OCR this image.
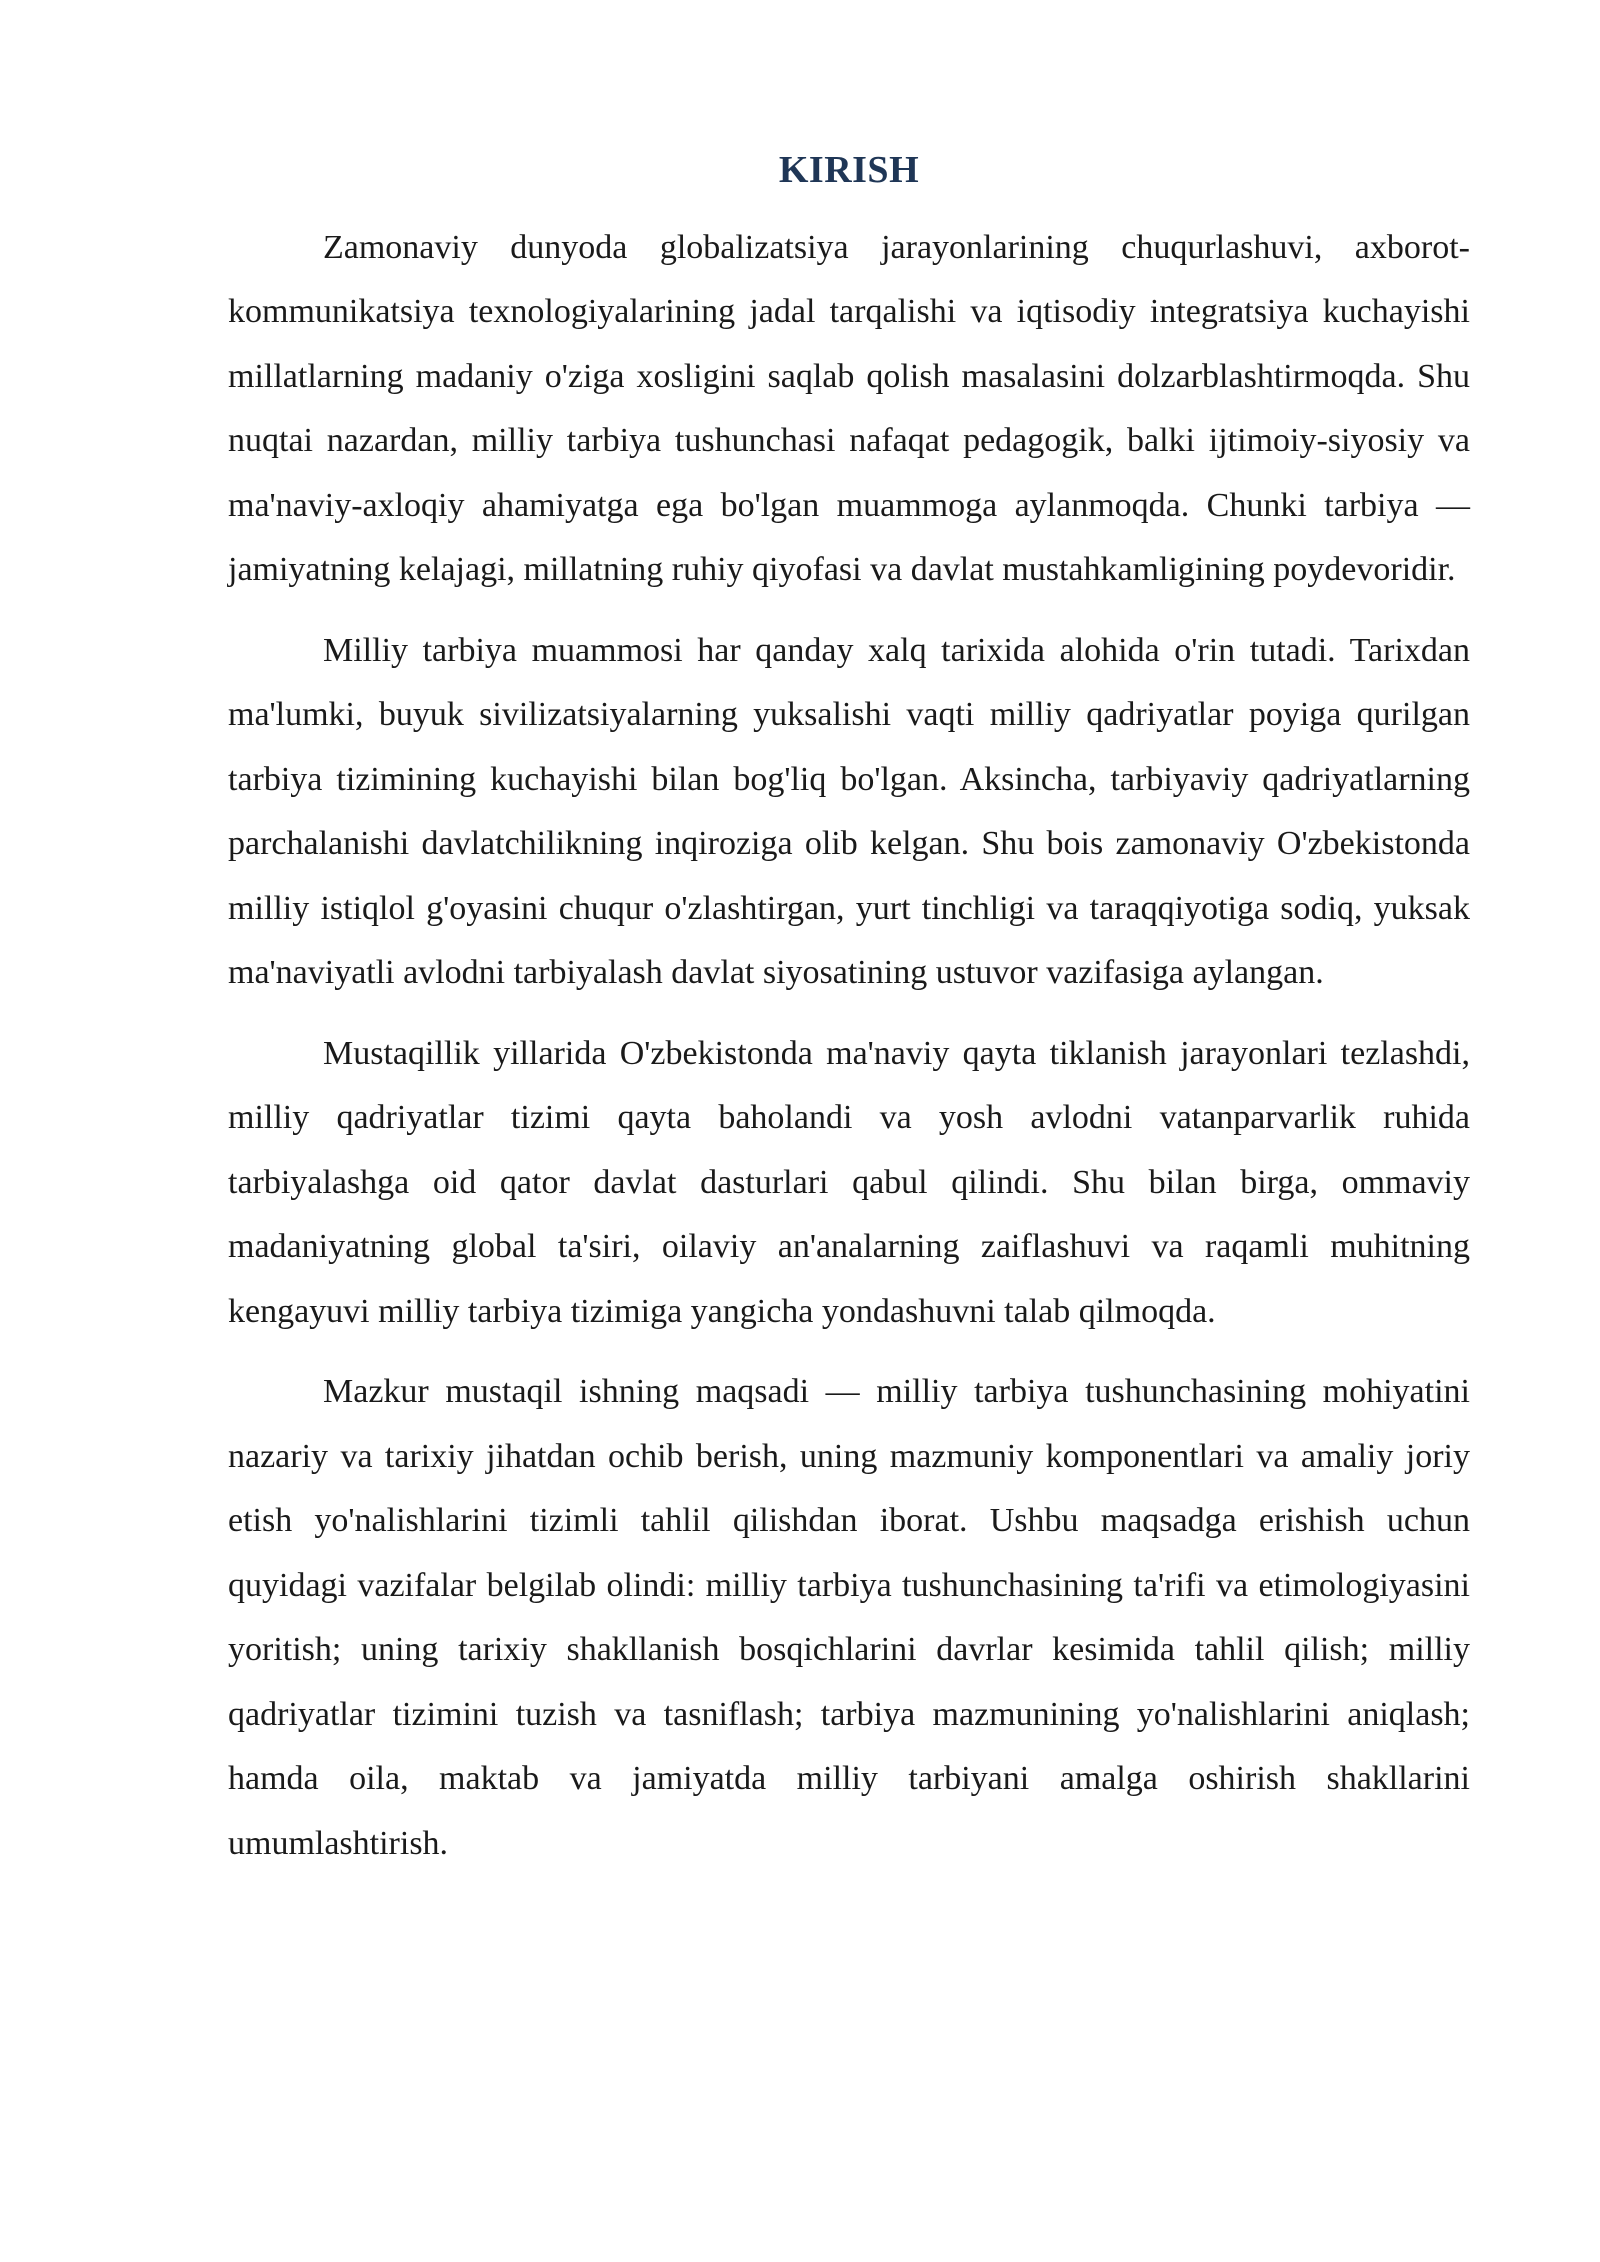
KIRISH

Zamonaviy dunyoda globalizatsiya jarayonlarining chuqurlashuvi, axborot-kommunikatsiya texnologiyalarining jadal tarqalishi va iqtisodiy integratsiya kuchayishi millatlarning madaniy o'ziga xosligini saqlab qolish masalasini dolzarblashtirmoqda. Shu nuqtai nazardan, milliy tarbiya tushunchasi nafaqat pedagogik, balki ijtimoiy-siyosiy va ma'naviy-axloqiy ahamiyatga ega bo'lgan muammoga aylanmoqda. Chunki tarbiya — jamiyatning kelajagi, millatning ruhiy qiyofasi va davlat mustahkamligining poydevoridir.

Milliy tarbiya muammosi har qanday xalq tarixida alohida o'rin tutadi. Tarixdan ma'lumki, buyuk sivilizatsiyalarning yuksalishi vaqti milliy qadriyatlar poyiga qurilgan tarbiya tizimining kuchayishi bilan bog'liq bo'lgan. Aksincha, tarbiyaviy qadriyatlarning parchalanishi davlatchilikning inqiroziga olib kelgan. Shu bois zamonaviy O'zbekistonda milliy istiqlol g'oyasini chuqur o'zlashtirgan, yurt tinchligi va taraqqiyotiga sodiq, yuksak ma'naviyatli avlodni tarbiyalash davlat siyosatining ustuvor vazifasiga aylangan.

Mustaqillik yillarida O'zbekistonda ma'naviy qayta tiklanish jarayonlari tezlashdi, milliy qadriyatlar tizimi qayta baholandi va yosh avlodni vatanparvarlik ruhida tarbiyalashga oid qator davlat dasturlari qabul qilindi. Shu bilan birga, ommaviy madaniyatning global ta'siri, oilaviy an'analarning zaiflashuvi va raqamli muhitning kengayuvi milliy tarbiya tizimiga yangicha yondashuvni talab qilmoqda.

Mazkur mustaqil ishning maqsadi — milliy tarbiya tushunchasining mohiyatini nazariy va tarixiy jihatdan ochib berish, uning mazmuniy komponentlari va amaliy joriy etish yo'nalishlarini tizimli tahlil qilishdan iborat. Ushbu maqsadga erishish uchun quyidagi vazifalar belgilab olindi: milliy tarbiya tushunchasining ta'rifi va etimologiyasini yoritish; uning tarixiy shakllanish bosqichlarini davrlar kesimida tahlil qilish; milliy qadriyatlar tizimini tuzish va tasniflash; tarbiya mazmunining yo'nalishlarini aniqlash; hamda oila, maktab va jamiyatda milliy tarbiyani amalga oshirish shakllarini umumlashtirish.
